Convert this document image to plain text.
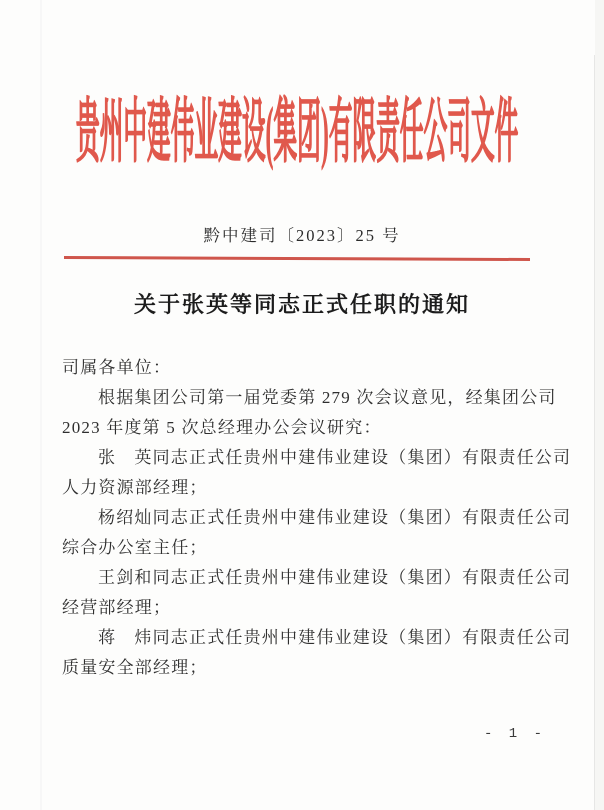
贵州中建伟业建设(集团)有限责任公司文件
黔中建司〔2023〕25 号
关于张英等同志正式任职的通知
司属各单位：
根据集团公司第一届党委第 279 次会议意见，经集团公司
2023 年度第 5 次总经理办公会议研究：
张　英同志正式任贵州中建伟业建设（集团）有限责任公司
人力资源部经理；
杨绍灿同志正式任贵州中建伟业建设（集团）有限责任公司
综合办公室主任；
王剑和同志正式任贵州中建伟业建设（集团）有限责任公司
经营部经理；
蒋　炜同志正式任贵州中建伟业建设（集团）有限责任公司
质量安全部经理；
- 1 -
